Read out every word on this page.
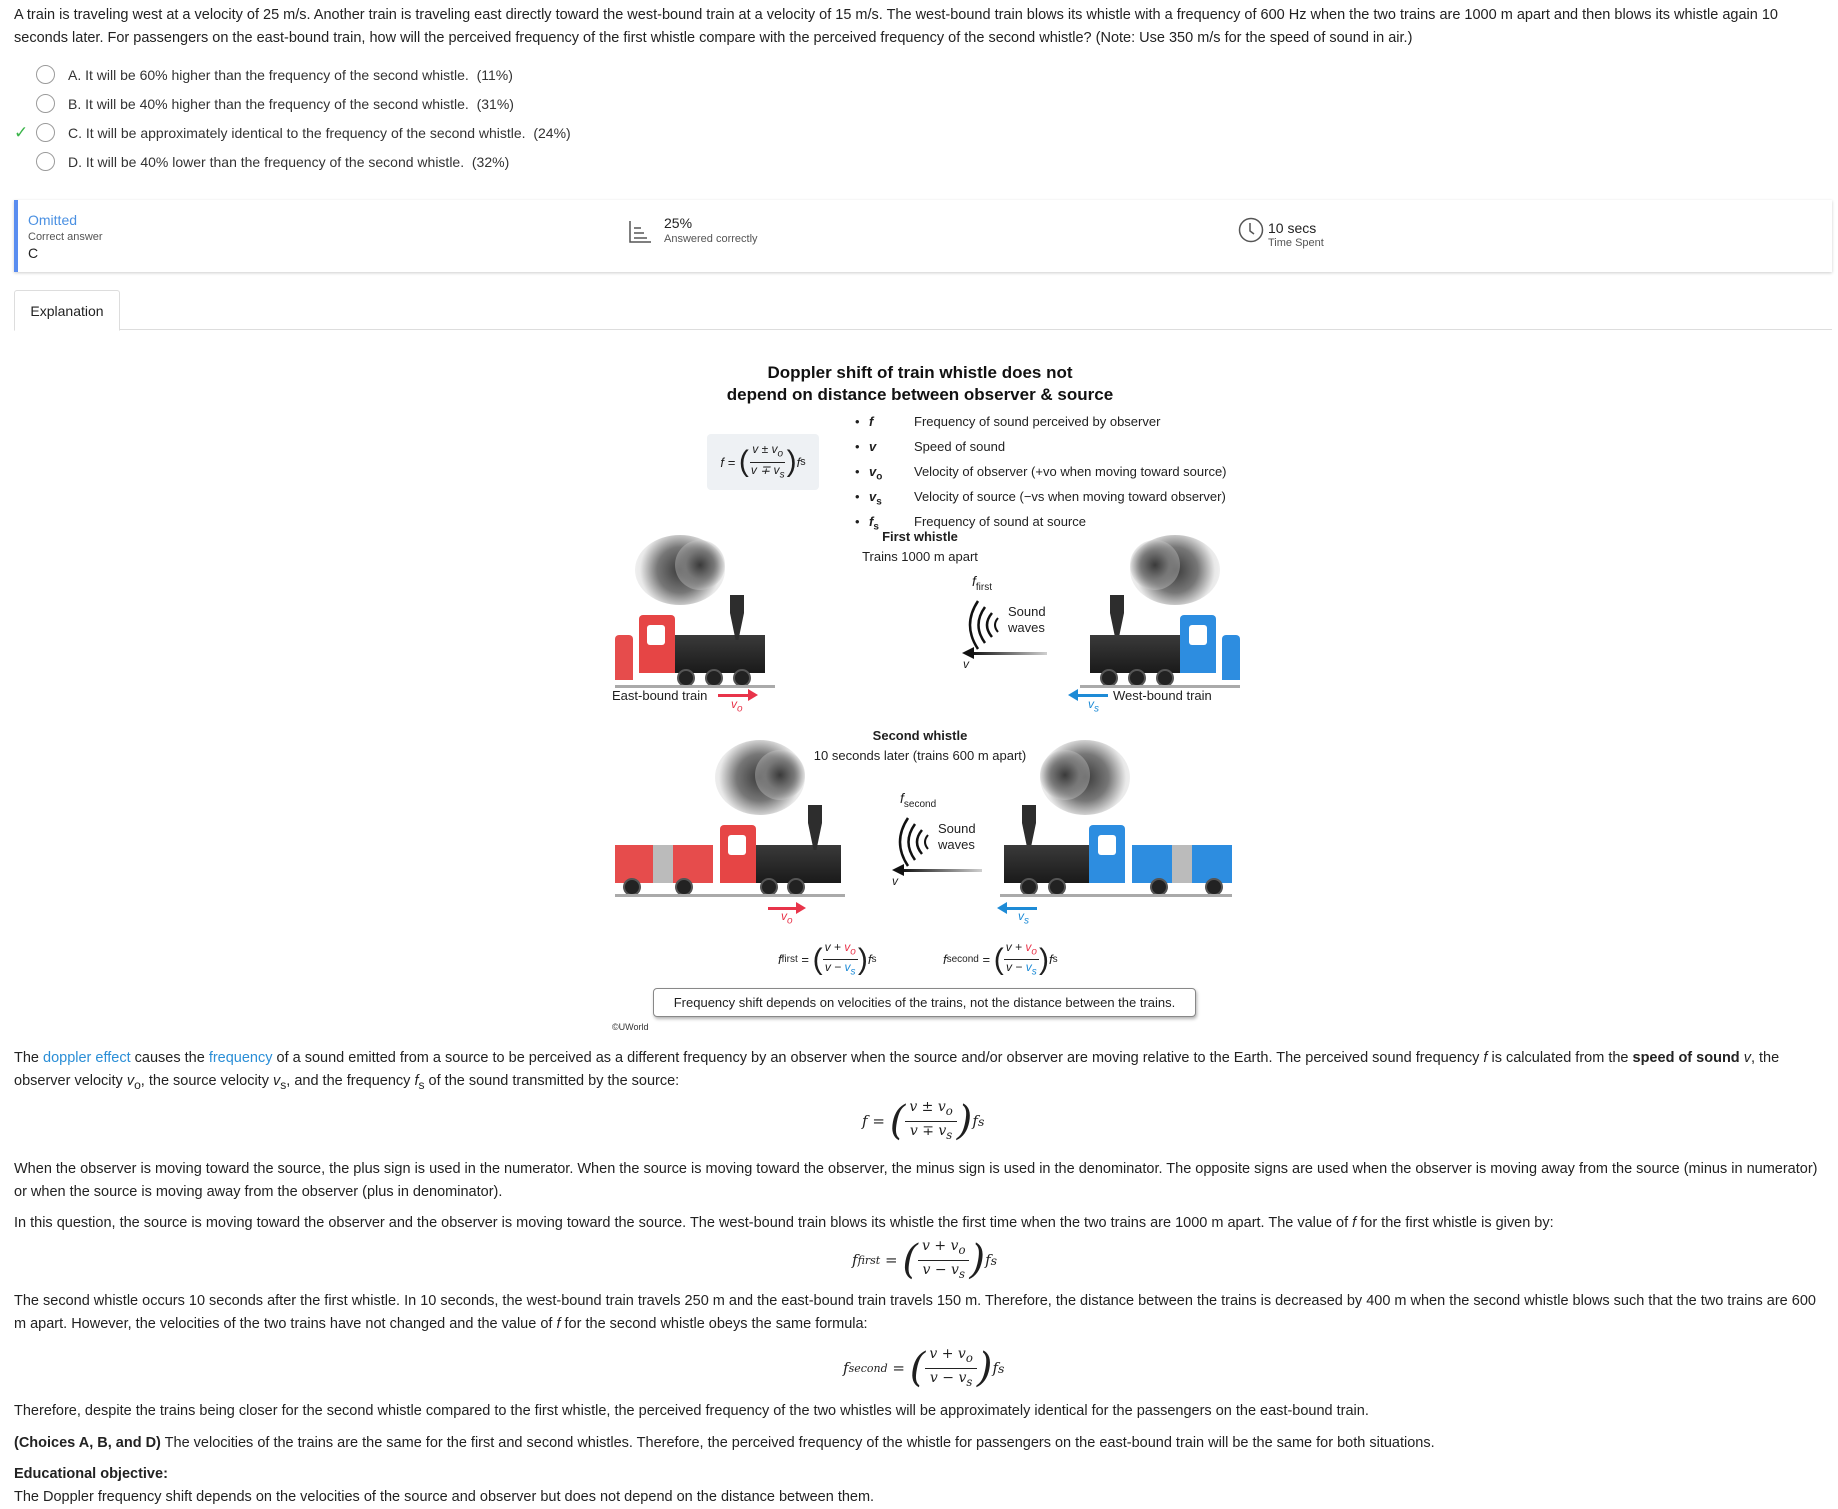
A train is traveling west at a velocity of 25 m/s. Another train is traveling east directly toward the west-bound train at a velocity of 15 m/s. The west-bound train blows its whistle with a frequency of 600 Hz when the two trains are 1000 m apart and then blows its whistle again 10 seconds later. For passengers on the east-bound train, how will the perceived frequency of the first whistle compare with the perceived frequency of the second whistle? (Note: Use 350 m/s for the speed of sound in air.)
A. It will be 60% higher than the frequency of the second whistle. (11%)
B. It will be 40% higher than the frequency of the second whistle. (31%)
✓	C. It will be approximately identical to the frequency of the second whistle. (24%)
D. It will be 40% lower than the frequency of the second whistle. (32%)
Omitted
Correct answer
C
25%
Answered correctly
10 secs
Time Spent
Explanation
Doppler shift of train whistle does not
depend on distance between observer & source
f =
( $\frac{v \pm v_o}{v \mp v_s}$ ) f s
• f	Frequency of sound perceived by observer
• v	Speed of sound
• $v_o$	Velocity of observer (+vo when moving toward source)
• $v_s$	Velocity of source (−vs when moving toward observer)
• $f_s$	Frequency of sound at source
First whistle
Trains 1000 m apart
East-bound train
$v_o$
$f_{first}$
Sound
waves
v
$v_s$
West-bound train
Second whistle
10 seconds later (trains 600 m apart)
$v_o$
$f_{second}$
Sound
waves
v
$v_s$
f first
=
( $\frac{v + v_o}{v - v_s}$ ) f s	f second
=
( $\frac{v + v_o}{v - v_s}$ ) f s
Frequency shift depends on velocities of the trains, not the distance between the trains.
©UWorld
The doppler effect causes the frequency of a sound emitted from a source to be perceived as a different frequency by an observer when the source and/or observer are moving relative to the Earth. The perceived sound frequency f is calculated from the speed of sound v, the observer velocity $v_o$, the source velocity $v_s$, and the frequency $f_s$ of the sound transmitted by the source:
f
=
( $\frac{v \pm v_o}{v \mp v_s}$ ) f s
When the observer is moving toward the source, the plus sign is used in the numerator. When the source is moving toward the observer, the minus sign is used in the denominator. The opposite signs are used when the observer is moving away from the source (minus in numerator) or when the source is moving away from the observer (plus in denominator).
In this question, the source is moving toward the observer and the observer is moving toward the source. The west-bound train blows its whistle the first time when the two trains are 1000 m apart. The value of f for the first whistle is given by:
f first
=
( $\frac{v + v_o}{v - v_s}$ ) f s
The second whistle occurs 10 seconds after the first whistle. In 10 seconds, the west-bound train travels 250 m and the east-bound train travels 150 m. Therefore, the distance between the trains is decreased by 400 m when the second whistle blows such that the two trains are 600 m apart. However, the velocities of the two trains have not changed and the value of f for the second whistle obeys the same formula:
f second
=
( $\frac{v + v_o}{v - v_s}$ ) f s
Therefore, despite the trains being closer for the second whistle compared to the first whistle, the perceived frequency of the two whistles will be approximately identical for the passengers on the east-bound train.
(Choices A, B, and D) The velocities of the trains are the same for the first and second whistles. Therefore, the perceived frequency of the whistle for passengers on the east-bound train will be the same for both situations.
Educational objective:
The Doppler frequency shift depends on the velocities of the source and observer but does not depend on the distance between them.
